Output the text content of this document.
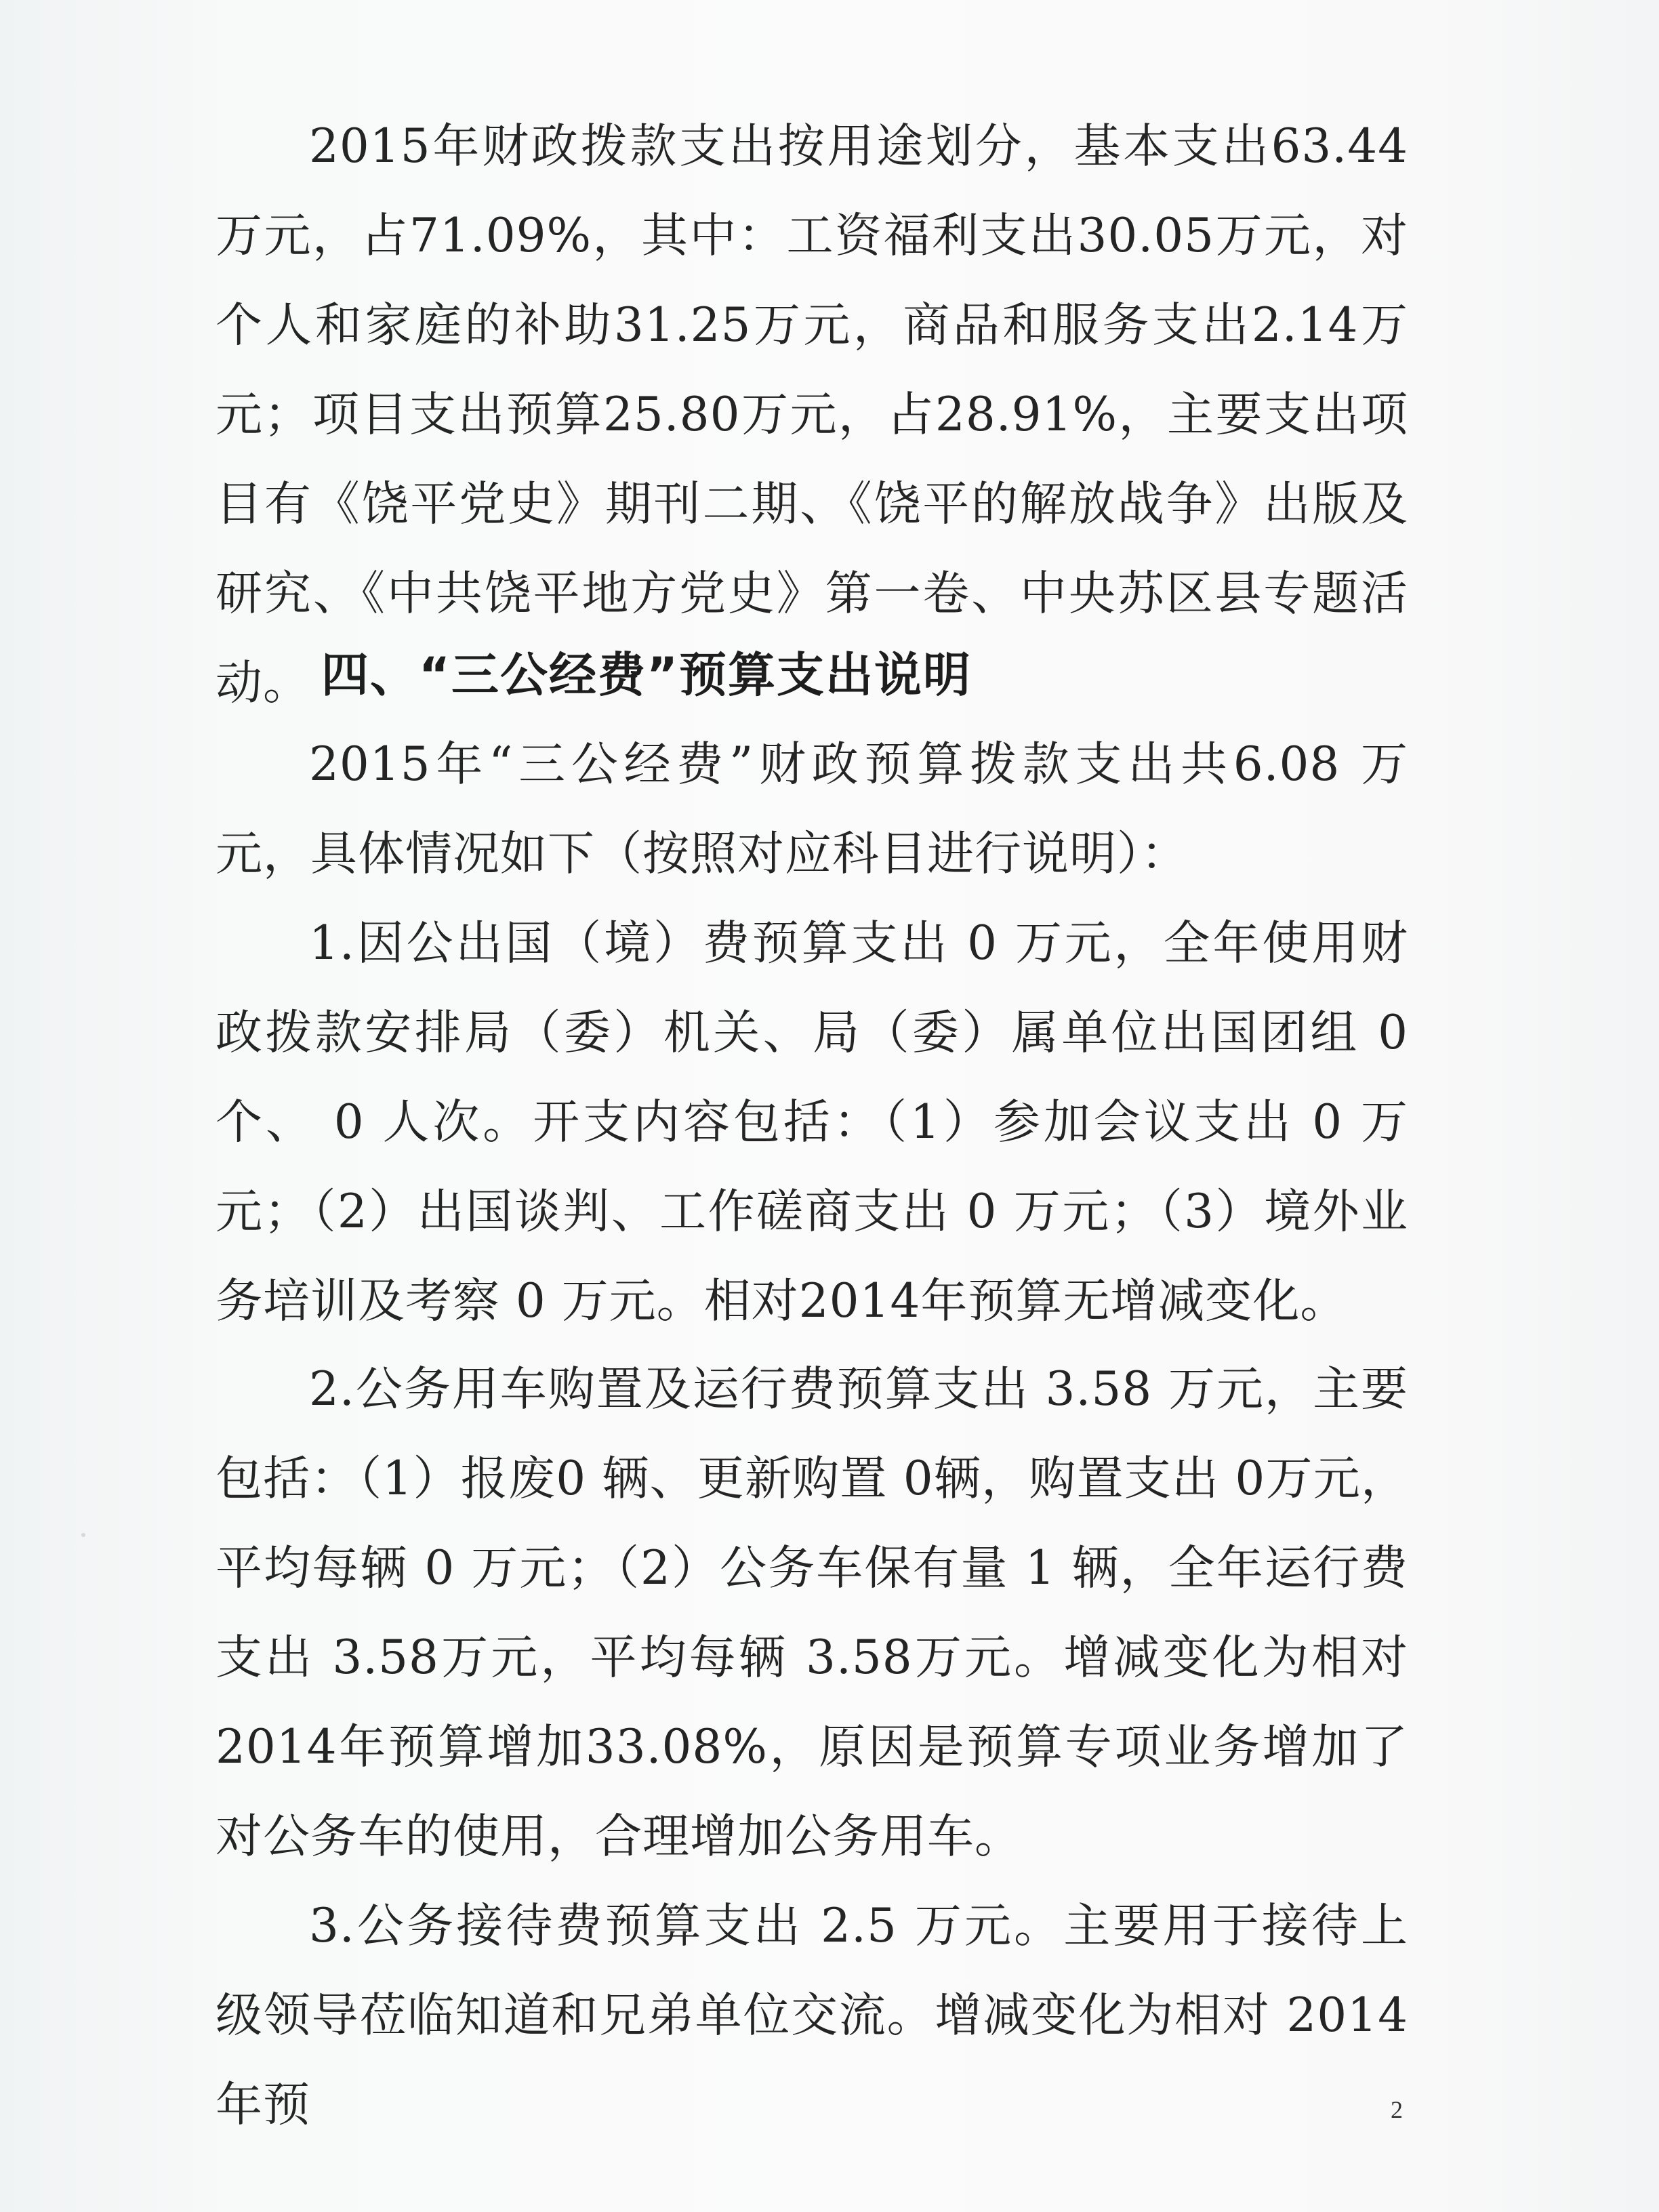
2015年财政拨款支出按用途划分，基本支出63.44万元，占71.09%，其中：工资福利支出30.05万元，对个人和家庭的补助31.25万元，商品和服务支出2.14万元；项目支出预算25.80万元，占28.91%，主要支出项目有《饶平党史》期刊二期、《饶平的解放战争》出版及研究、《中共饶平地方党史》第一卷、中央苏区县专题活动。 四、“三公经费”预算支出说明

2015年“三公经费”财政预算拨款支出共6.08 万元，具体情况如下（按照对应科目进行说明）：

1.因公出国（境）费预算支出 0 万元，全年使用财政拨款安排局（委）机关、局（委）属单位出国团组 0 个、 0 人次。开支内容包括：（1）参加会议支出 0 万元；（2）出国谈判、工作磋商支出 0 万元；（3）境外业务培训及考察 0 万元。相对2014年预算无增减变化。

2.公务用车购置及运行费预算支出 3.58 万元，主要包括：（1）报废0 辆、更新购置 0辆，购置支出 0万元，平均每辆 0 万元；（2）公务车保有量 1 辆，全年运行费支出 3.58万元，平均每辆 3.58万元。增减变化为相对2014年预算增加33.08%，原因是预算专项业务增加了对公务车的使用，合理增加公务用车。

3.公务接待费预算支出 2.5 万元。主要用于接待上级领导莅临知道和兄弟单位交流。增减变化为相对 2014 年预	2
